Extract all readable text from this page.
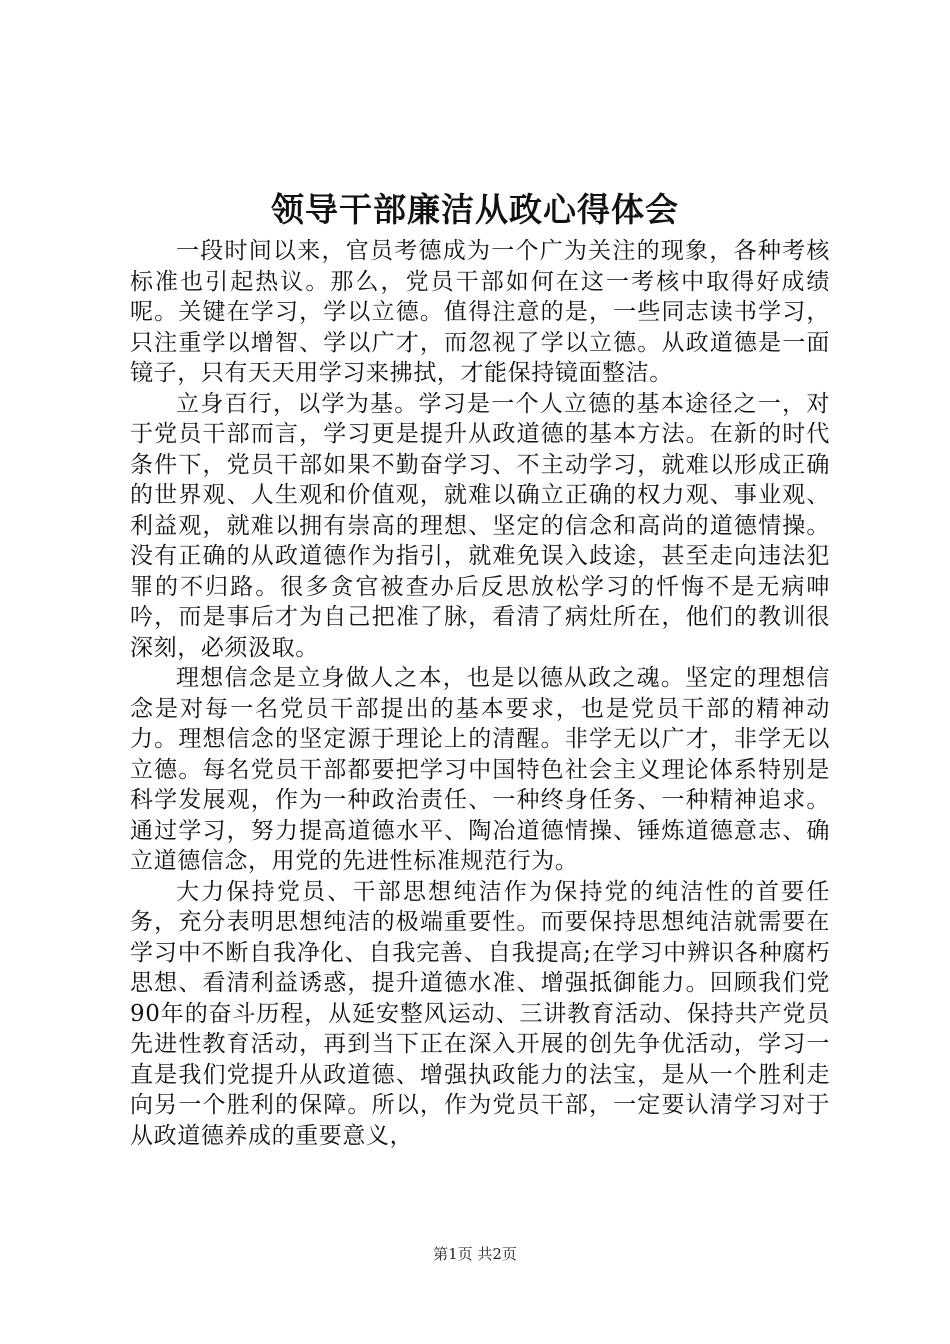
领导干部廉洁从政心得体会

一段时间以来，官员考德成为一个广为关注的现象，各种考核标准也引起热议。那么，党员干部如何在这一考核中取得好成绩呢。关键在学习，学以立德。值得注意的是，一些同志读书学习，只注重学以增智、学以广才，而忽视了学以立德。从政道德是一面镜子，只有天天用学习来拂拭，才能保持镜面整洁。

立身百行，以学为基。学习是一个人立德的基本途径之一，对于党员干部而言，学习更是提升从政道德的基本方法。在新的时代条件下，党员干部如果不勤奋学习、不主动学习，就难以形成正确的世界观、人生观和价值观，就难以确立正确的权力观、事业观、利益观，就难以拥有崇高的理想、坚定的信念和高尚的道德情操。没有正确的从政道德作为指引，就难免误入歧途，甚至走向违法犯罪的不归路。很多贪官被查办后反思放松学习的忏悔不是无病呻吟，而是事后才为自己把准了脉，看清了病灶所在，他们的教训很深刻，必须汲取。

理想信念是立身做人之本，也是以德从政之魂。坚定的理想信念是对每一名党员干部提出的基本要求，也是党员干部的精神动力。理想信念的坚定源于理论上的清醒。非学无以广才，非学无以立德。每名党员干部都要把学习中国特色社会主义理论体系特别是科学发展观，作为一种政治责任、一种终身任务、一种精神追求。通过学习，努力提高道德水平、陶冶道德情操、锤炼道德意志、确立道德信念，用党的先进性标准规范行为。

大力保持党员、干部思想纯洁作为保持党的纯洁性的首要任务，充分表明思想纯洁的极端重要性。而要保持思想纯洁就需要在学习中不断自我净化、自我完善、自我提高;在学习中辨识各种腐朽思想、看清利益诱惑，提升道德水准、增强抵御能力。回顾我们党90年的奋斗历程，从延安整风运动、三讲教育活动、保持共产党员先进性教育活动，再到当下正在深入开展的创先争优活动，学习一直是我们党提升从政道德、增强执政能力的法宝，是从一个胜利走向另一个胜利的保障。所以，作为党员干部，一定要认清学习对于从政道德养成的重要意义，

第1页 共2页
